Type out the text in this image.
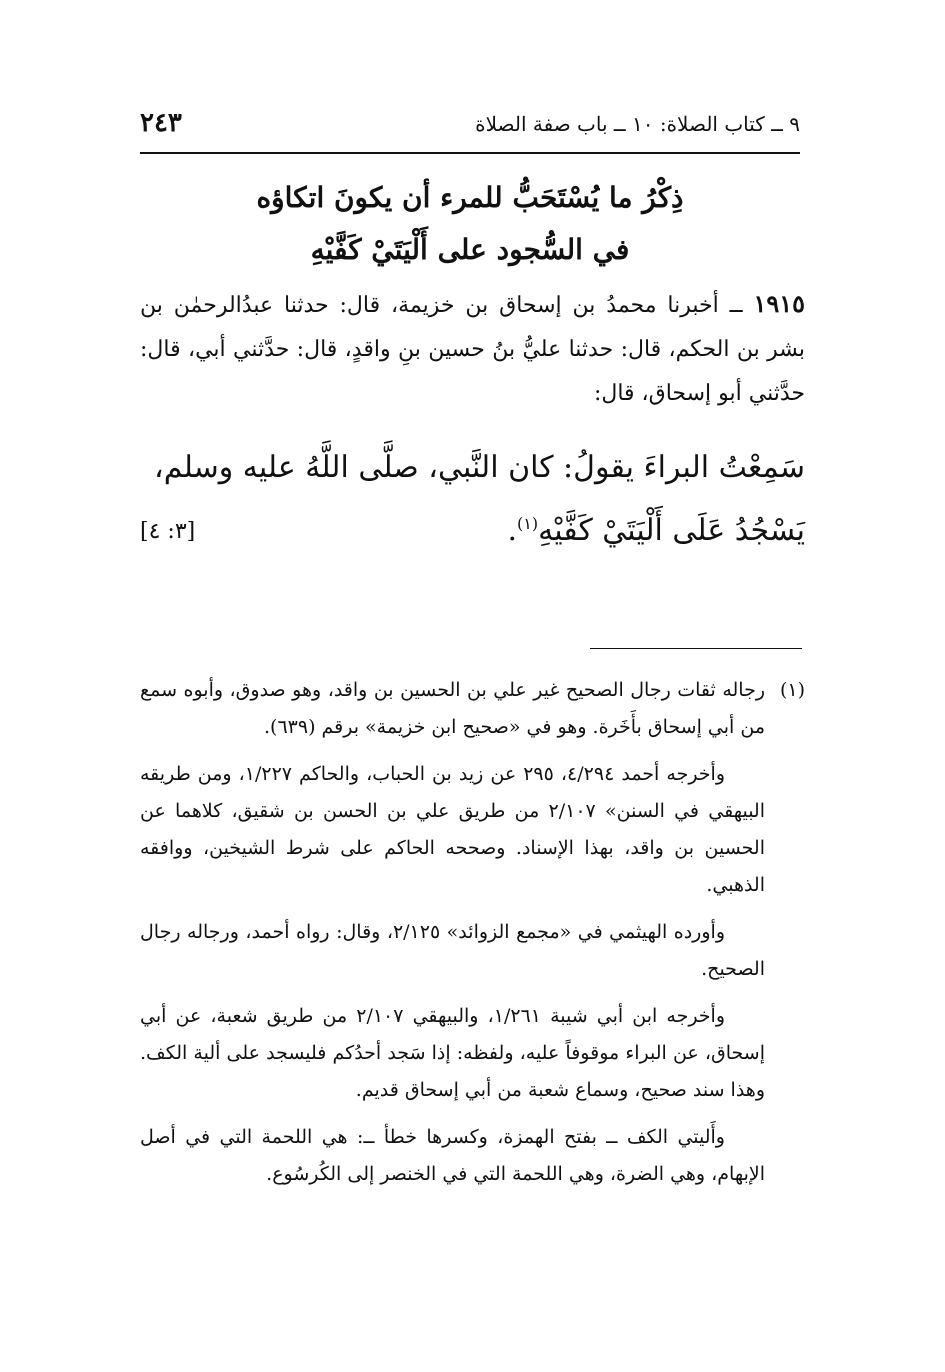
٢٤٣	٩ ــ كتاب الصلاة: ١٠ ــ باب صفة الصلاة
ذِكْرُ ما يُسْتَحَبُّ للمرء أن يكونَ اتكاؤه
في السُّجود على أَلْيَتَيْ كَفَّيْهِ
١٩١٥ ــ أخبرنا محمدُ بن إسحاق بن خزيمة، قال: حدثنا عبدُالرحمٰن بن بشر بن الحكم، قال: حدثنا عليُّ بنُ حسين بنِ واقدٍ، قال: حدَّثني أبي، قال: حدَّثني أبو إسحاق، قال:
سَمِعْتُ البراءَ يقولُ: كان النَّبي، صلَّى اللَّهُ عليه وسلم،
يَسْجُدُ عَلَى أَلْيَتَيْ كَفَّيْهِ$^{(١)}$.
[٣: ٤]
(١)
رجاله ثقات رجال الصحيح غير علي بن الحسين بن واقد، وهو صدوق، وأبوه سمع من أبي إسحاق بأَخَرة. وهو في «صحيح ابن خزيمة» برقم (٦٣٩).

وأخرجه أحمد ٤/٢٩٤، ٢٩٥ عن زيد بن الحباب، والحاكم ١/٢٢٧، ومن طريقه البيهقي في السنن» ٢/١٠٧ من طريق علي بن الحسن بن شقيق، كلاهما عن الحسين بن واقد، بهذا الإسناد. وصححه الحاكم على شرط الشيخين، ووافقه الذهبي.

وأورده الهيثمي في «مجمع الزوائد» ٢/١٢٥، وقال: رواه أحمد، ورجاله رجال الصحيح.

وأخرجه ابن أبي شيبة ١/٢٦١، والبيهقي ٢/١٠٧ من طريق شعبة، عن أبي إسحاق، عن البراء موقوفاً عليه، ولفظه: إذا سَجد أحدُكم فليسجد على ألية الكف. وهذا سند صحيح، وسماع شعبة من أبي إسحاق قديم.

وأَليتي الكف ــ بفتح الهمزة، وكسرها خطأ ــ: هي اللحمة التي في أصل الإبهام، وهي الضرة، وهي اللحمة التي في الخنصر إلى الكُرسُوع.
